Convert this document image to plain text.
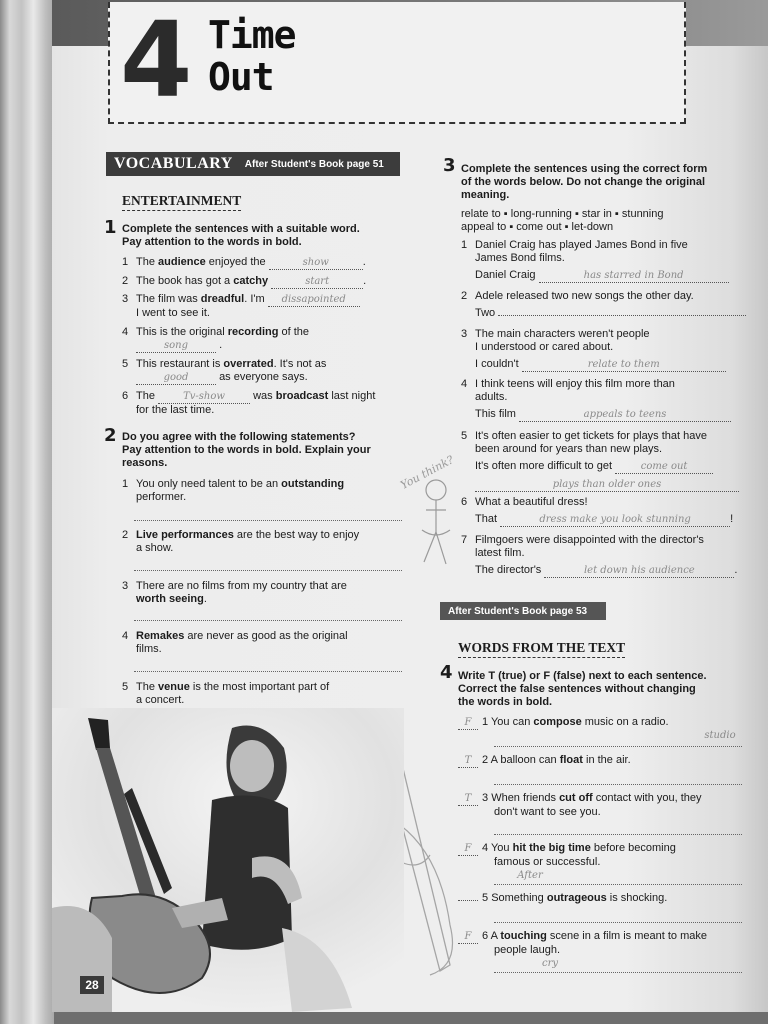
4 Time
Out
VOCABULARY After Student's Book page 51
ENTERTAINMENT
1 Complete the sentences with a suitable word.
Pay attention to the words in bold.
1 The audience enjoyed the	show	.
2 The book has got a catchy	start	.
3 The film was dreadful. I'm dissapointed
I went to see it.
4 This is the original recording of the
song	.
5 This restaurant is overrated. It's not as
good	as everyone says.
6 The	Tv-show	was broadcast last night
for the last time.
2 Do you agree with the following statements?
Pay attention to the words in bold. Explain your
reasons.
1 You only need talent to be an outstanding
performer.
2 Live performances are the best way to enjoy
a show.
3 There are no films from my country that are
worth seeing.
4 Remakes are never as good as the original
films.
5 The venue is the most important part of
a concert.
You think?
3 Complete the sentences using the correct form
of the words below. Do not change the original
meaning.
relate to ▪ long-running ▪ star in ▪ stunning
appeal to ▪ come out ▪ let-down
1 Daniel Craig has played James Bond in five
James Bond films.
Daniel Craig	has starred in Bond
2 Adele released two new songs the other day.
Two
3 The main characters weren't people
I understood or cared about.
I couldn't	relate to them
4 I think teens will enjoy this film more than
adults.
This film	appeals to teens
5 It's often easier to get tickets for plays that have
been around for years than new plays.
It's often more difficult to get	come out
plays than older ones
6 What a beautiful dress!
That	dress make you look stunning	!
7 Filmgoers were disappointed with the director's
latest film.
The director's	let down his audience	.
After Student's Book page 53
WORDS FROM THE TEXT
4 Write T (true) or F (false) next to each sentence.
Correct the false sentences without changing
the words in bold.
F 1 You can compose music on a radio.
studio
T 2 A balloon can float in the air.
T 3 When friends cut off contact with you, they
don't want to see you.
F 4 You hit the big time before becoming
famous or successful.
After
5 Something outrageous is shocking.
F 6 A touching scene in a film is meant to make
people laugh.
cry
28
